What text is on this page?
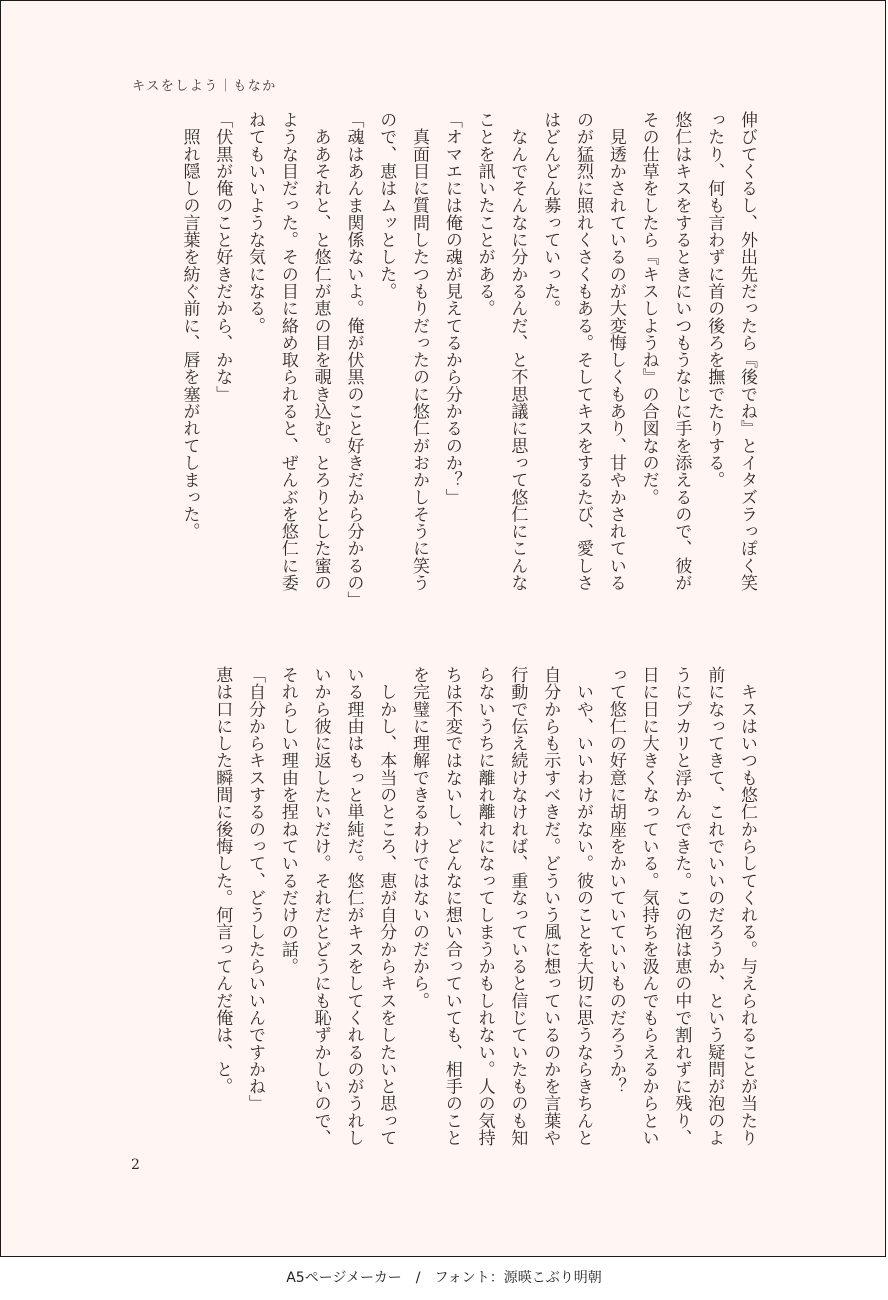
キスをしよう｜もなか

伸びてくるし、外出先だったら『後でね』とイタズラっぽく笑ったり、何も言わずに首の後ろを撫でたりする。

悠仁はキスをするときにいつもうなじに手を添えるので、彼がその仕草をしたら『キスしようね』の合図なのだ。

　見透かされているのが大変悔しくもあり、甘やかされているのが猛烈に照れくさくもある。そしてキスをするたび、愛しさはどんどん募っていった。

　なんでそんなに分かるんだ、と不思議に思って悠仁にこんなことを訊いたことがある。

「オマエには俺の魂が見えてるから分かるのか？」

　真面目に質問したつもりだったのに悠仁がおかしそうに笑うので、恵はムッとした。

「魂はあんま関係ないよ。俺が伏黒のこと好きだから分かるの」

　ああそれと、と悠仁が恵の目を覗き込む。とろりとした蜜のような目だった。その目に絡め取られると、ぜんぶを悠仁に委ねてもいいような気になる。

「伏黒が俺のこと好きだから、かな」

　照れ隠しの言葉を紡ぐ前に、唇を塞がれてしまった。

　キスはいつも悠仁からしてくれる。与えられることが当たり前になってきて、これでいいのだろうか、という疑問が泡のようにプカリと浮かんできた。この泡は恵の中で割れずに残り、日に日に大きくなっている。気持ちを汲んでもらえるからといって悠仁の好意に胡座をかいていていいものだろうか？

　いや、いいわけがない。彼のことを大切に思うならきちんと自分からも示すべきだ。どういう風に想っているのかを言葉や行動で伝え続けなければ、重なっていると信じていたものも知らないうちに離れ離れになってしまうかもしれない。人の気持ちは不変ではないし、どんなに想い合っていても、相手のことを完璧に理解できるわけではないのだから。

　しかし、本当のところ、恵が自分からキスをしたいと思っている理由はもっと単純だ。悠仁がキスをしてくれるのがうれしいから彼に返したいだけ。それだとどうにも恥ずかしいので、それらしい理由を捏ねているだけの話。

「自分からキスするのって、どうしたらいいんですかね」

恵は口にした瞬間に後悔した。何言ってんだ俺は、と。

2
A5ページメーカー　/　フォント：源暎こぶり明朝
